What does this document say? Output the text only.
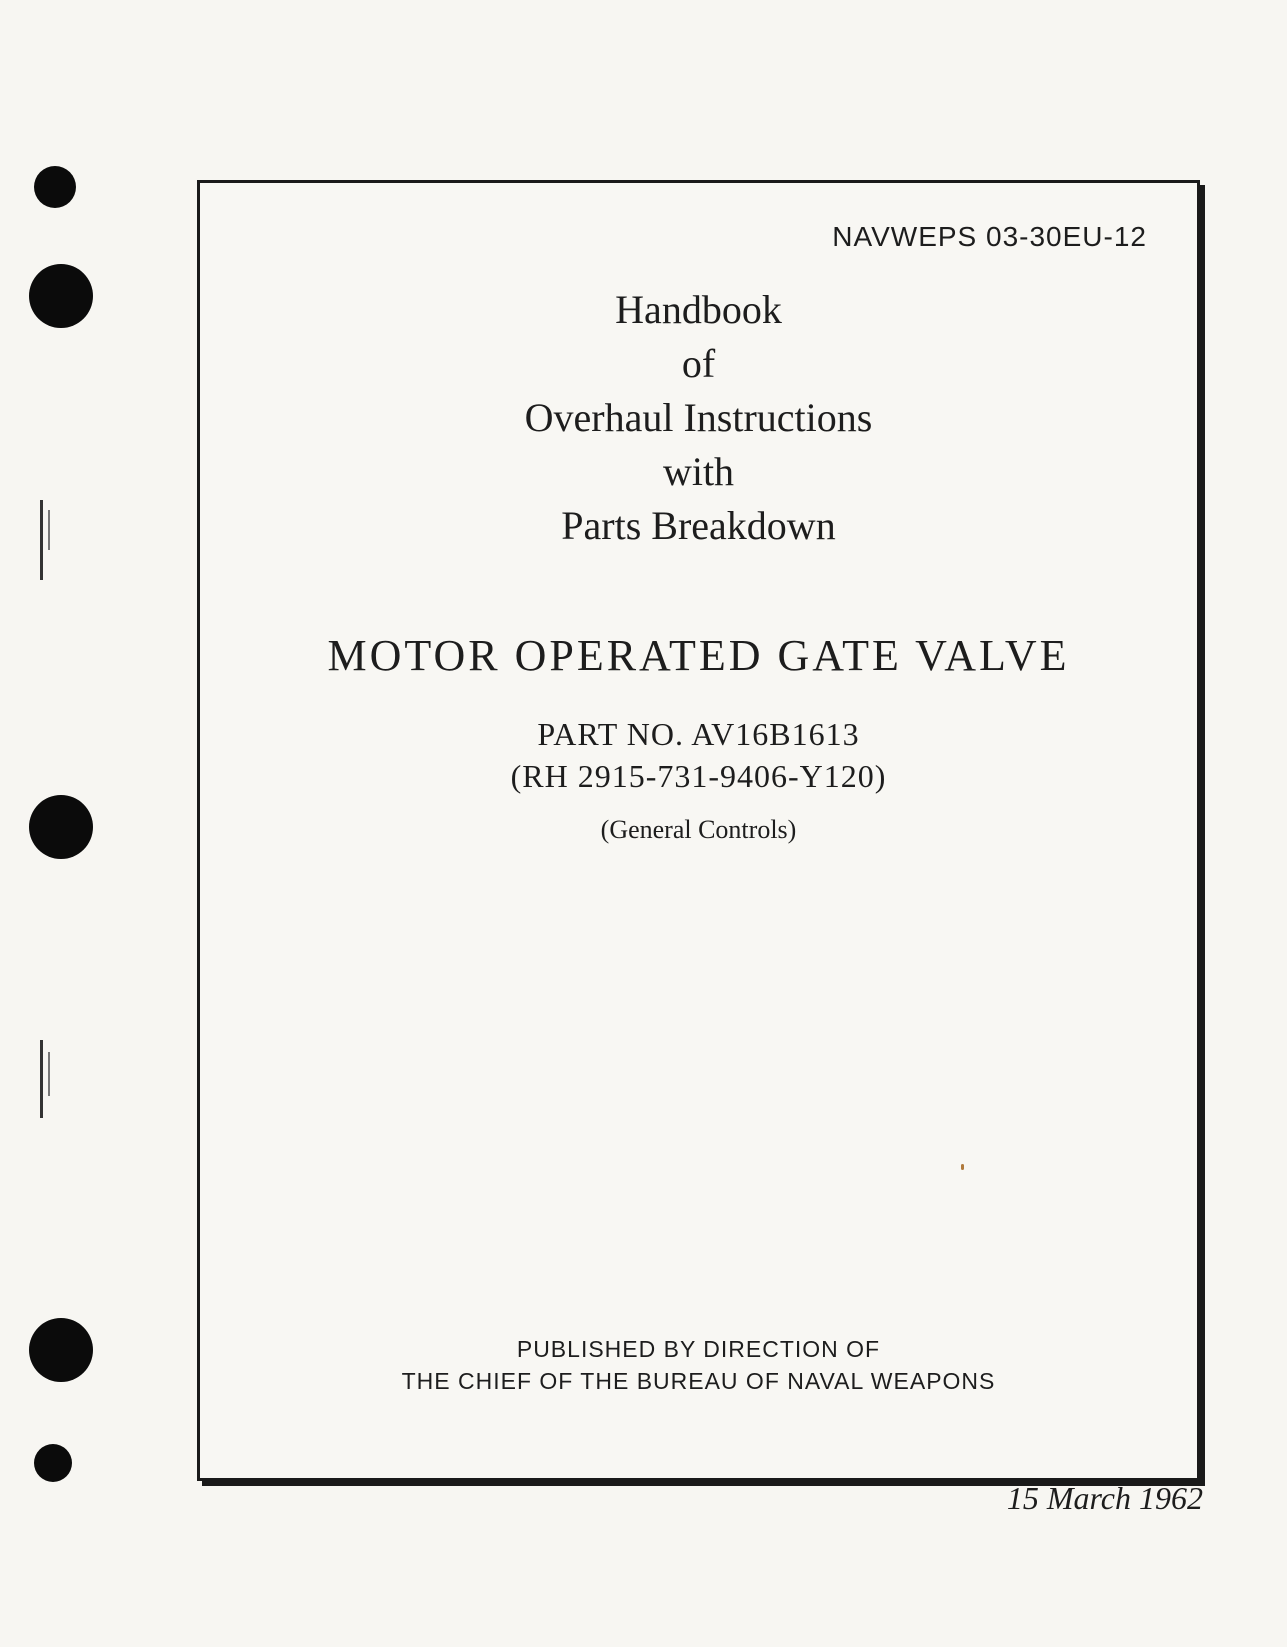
NAVWEPS 03-30EU-12
Handbook
of
Overhaul Instructions
with
Parts Breakdown
MOTOR OPERATED GATE VALVE
PART NO. AV16B1613
(RH 2915-731-9406-Y120)
(General Controls)
PUBLISHED BY DIRECTION OF
THE CHIEF OF THE BUREAU OF NAVAL WEAPONS
15 March 1962
